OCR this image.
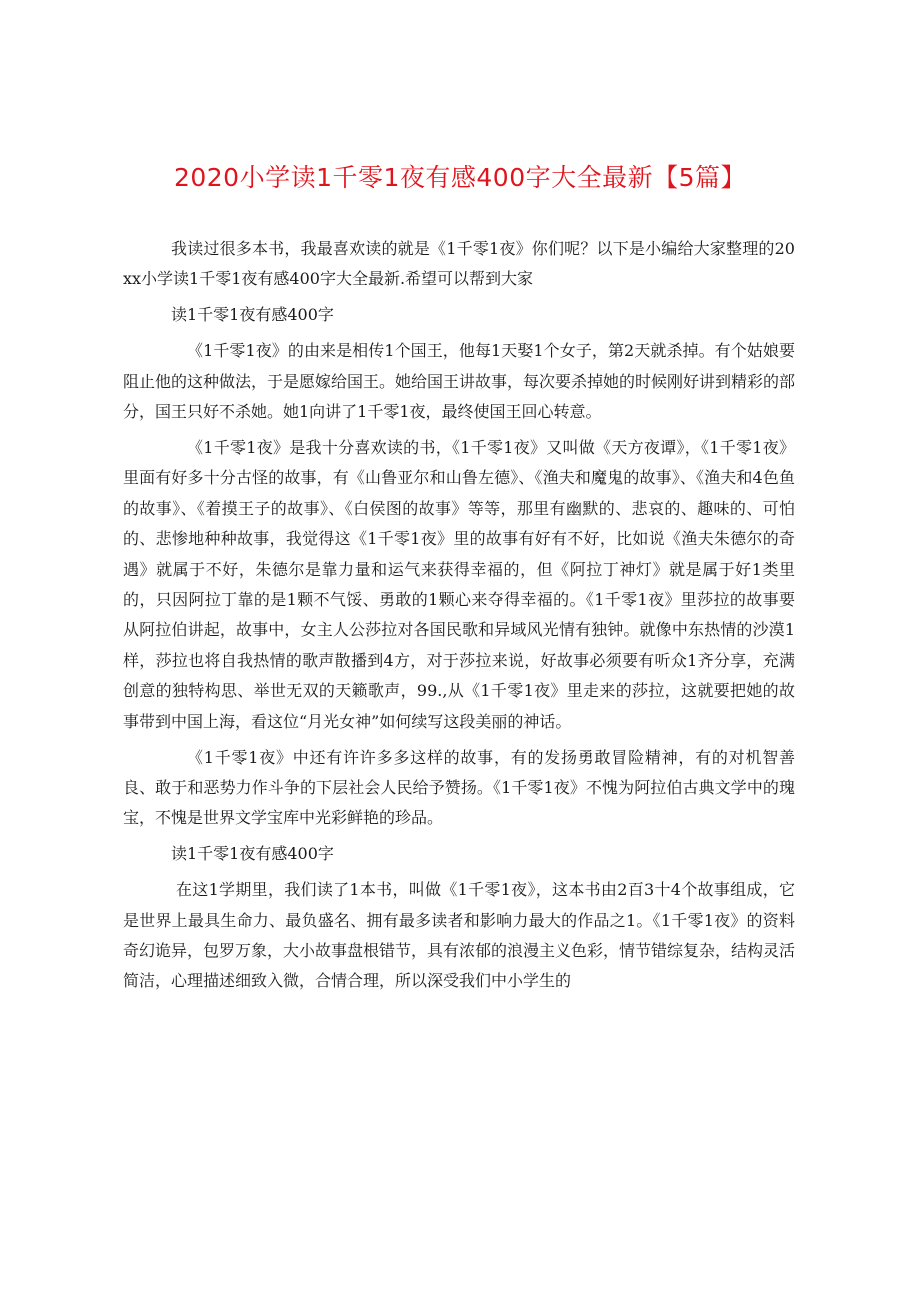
2020小学读1千零1夜有感400字大全最新【5篇】

我读过很多本书，我最喜欢读的就是《1千零1夜》你们呢？以下是小编给大家整理的20xx小学读1千零1夜有感400字大全最新.希望可以帮到大家

读1千零1夜有感400字

《1千零1夜》的由来是相传1个国王，他每1天娶1个女子，第2天就杀掉。有个姑娘要阻止他的这种做法，于是愿嫁给国王。她给国王讲故事，每次要杀掉她的时候刚好讲到精彩的部分，国王只好不杀她。她1向讲了1千零1夜，最终使国王回心转意。

《1千零1夜》是我十分喜欢读的书，《1千零1夜》又叫做《天方夜谭》，《1千零1夜》里面有好多十分古怪的故事，有《山鲁亚尔和山鲁左德》、《渔夫和魔鬼的故事》、《渔夫和4色鱼的故事》、《着摸王子的故事》、《白侯图的故事》等等，那里有幽默的、悲哀的、趣味的、可怕的、悲惨地种种故事，我觉得这《1千零1夜》里的故事有好有不好，比如说《渔夫朱德尔的奇遇》就属于不好，朱德尔是靠力量和运气来获得幸福的，但《阿拉丁神灯》就是属于好1类里的，只因阿拉丁靠的是1颗不气馁、勇敢的1颗心来夺得幸福的。《1千零1夜》里莎拉的故事要从阿拉伯讲起，故事中，女主人公莎拉对各国民歌和异域风光情有独钟。就像中东热情的沙漠1样，莎拉也将自我热情的歌声散播到4方，对于莎拉来说，好故事必须要有听众1齐分享，充满创意的独特构思、举世无双的天籁歌声，99.,从《1千零1夜》里走来的莎拉，这就要把她的故事带到中国上海，看这位“月光女神”如何续写这段美丽的神话。

《1千零1夜》中还有许许多多这样的故事，有的发扬勇敢冒险精神，有的对机智善良、敢于和恶势力作斗争的下层社会人民给予赞扬。《1千零1夜》不愧为阿拉伯古典文学中的瑰宝，不愧是世界文学宝库中光彩鲜艳的珍品。

读1千零1夜有感400字

在这1学期里，我们读了1本书，叫做《1千零1夜》，这本书由2百3十4个故事组成，它是世界上最具生命力、最负盛名、拥有最多读者和影响力最大的作品之1。《1千零1夜》的资料奇幻诡异，包罗万象，大小故事盘根错节，具有浓郁的浪漫主义色彩，情节错综复杂，结构灵活简洁，心理描述细致入微，合情合理，所以深受我们中小学生的
